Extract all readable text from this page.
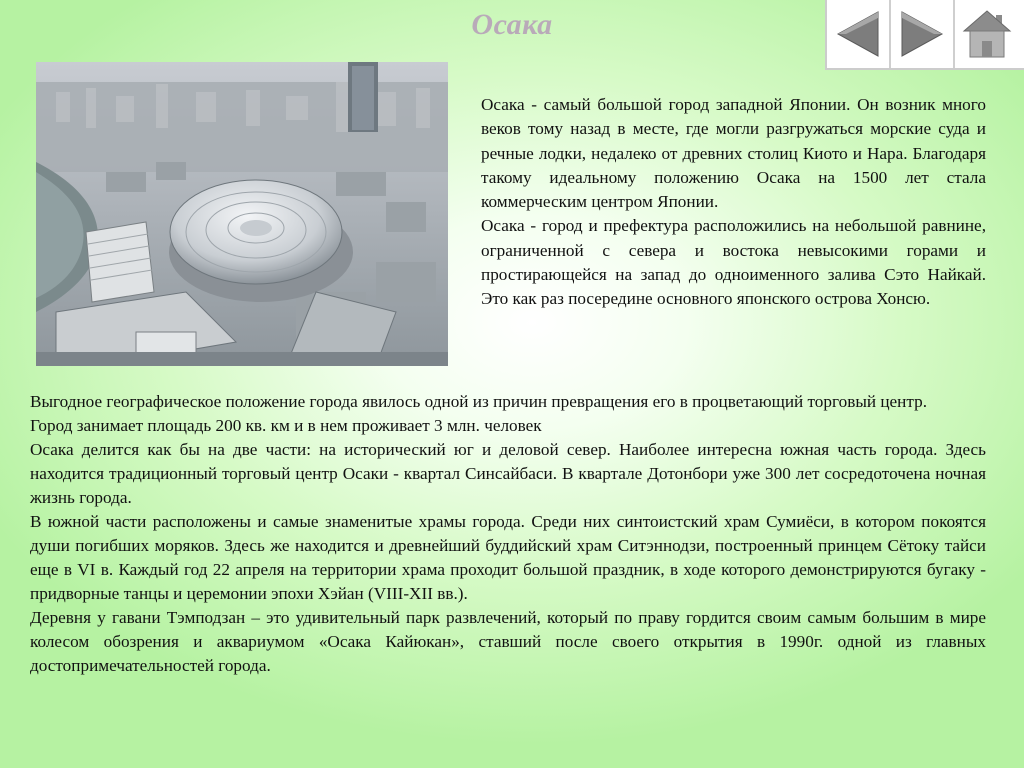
Осака

Осака - самый большой город западной Японии. Он возник много веков тому назад в месте, где могли разгружаться морские суда и речные лодки, недалеко от древних столиц Киото и Нара. Благодаря такому идеальному положению Осака на 1500 лет стала коммерческим центром Японии.

Осака - город и префектура расположились на небольшой равнине, ограниченной с севера и востока невысокими горами и простирающейся на запад до одноименного залива Сэто Найкай. Это как раз посередине основного японского острова Хонсю.

Выгодное географическое положение города явилось одной из причин превращения его в процветающий торговый центр.

Город занимает площадь 200 кв. км и в нем проживает 3 млн. человек

Осака делится как бы на две части: на исторический юг и деловой север. Наиболее интересна южная часть города. Здесь находится традиционный торговый центр Осаки - квартал Синсайбаси. В квартале Дотонбори уже 300 лет сосредоточена ночная жизнь города.

В южной части расположены и самые знаменитые храмы города. Среди них синтоистский храм Сумиёси, в котором покоятся души погибших моряков. Здесь же находится и древнейший буддийский храм Ситэннодзи, построенный принцем Сётоку тайси еще в VI в. Каждый год 22 апреля на территории храма проходит большой праздник, в ходе которого демонстрируются бугаку - придворные танцы и церемонии эпохи Хэйан (VIII-XII вв.).

Деревня у гавани Тэмподзан – это удивительный парк развлечений, который по праву гордится своим самым большим в мире колесом обозрения и аквариумом «Осака Кайюкан», ставший после своего открытия в 1990г. одной из главных достопримечательностей города.
